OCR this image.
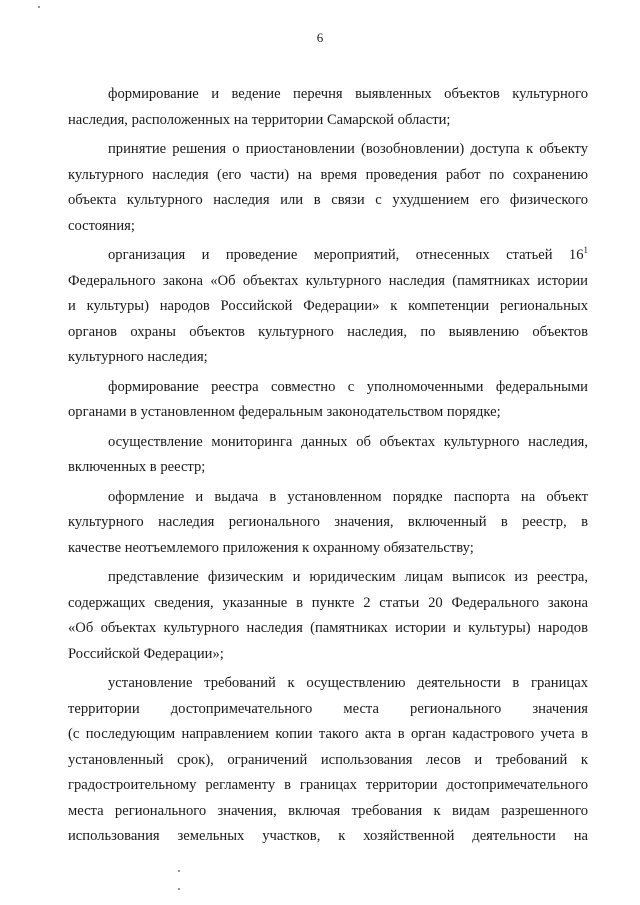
6
формирование и ведение перечня выявленных объектов культурного
наследия, расположенных на территории Самарской области;
принятие решения о приостановлении (возобновлении) доступа к объекту
культурного наследия (его части) на время проведения работ по сохранению
объекта культурного наследия или в связи с ухудшением его физического
состояния;
организация и проведение мероприятий, отнесенных статьей $16^1$
Федерального закона «Об объектах культурного наследия (памятниках истории
и культуры) народов Российской Федерации» к компетенции региональных
органов охраны объектов культурного наследия, по выявлению объектов
культурного наследия;
формирование реестра совместно с уполномоченными федеральными
органами в установленном федеральным законодательством порядке;
осуществление мониторинга данных об объектах культурного наследия,
включенных в реестр;
оформление и выдача в установленном порядке паспорта на объект
культурного наследия регионального значения, включенный в реестр, в
качестве неотъемлемого приложения к охранному обязательству;
представление физическим и юридическим лицам выписок из реестра,
содержащих сведения, указанные в пункте 2 статьи 20 Федерального закона
«Об объектах культурного наследия (памятниках истории и культуры) народов
Российской Федерации»;
установление требований к осуществлению деятельности в границах
территории достопримечательного места регионального значения
(с последующим направлением копии такого акта в орган кадастрового учета в
установленный срок), ограничений использования лесов и требований к
градостроительному регламенту в границах территории достопримечательного
места регионального значения, включая требования к видам разрешенного
использования земельных участков, к хозяйственной деятельности на
